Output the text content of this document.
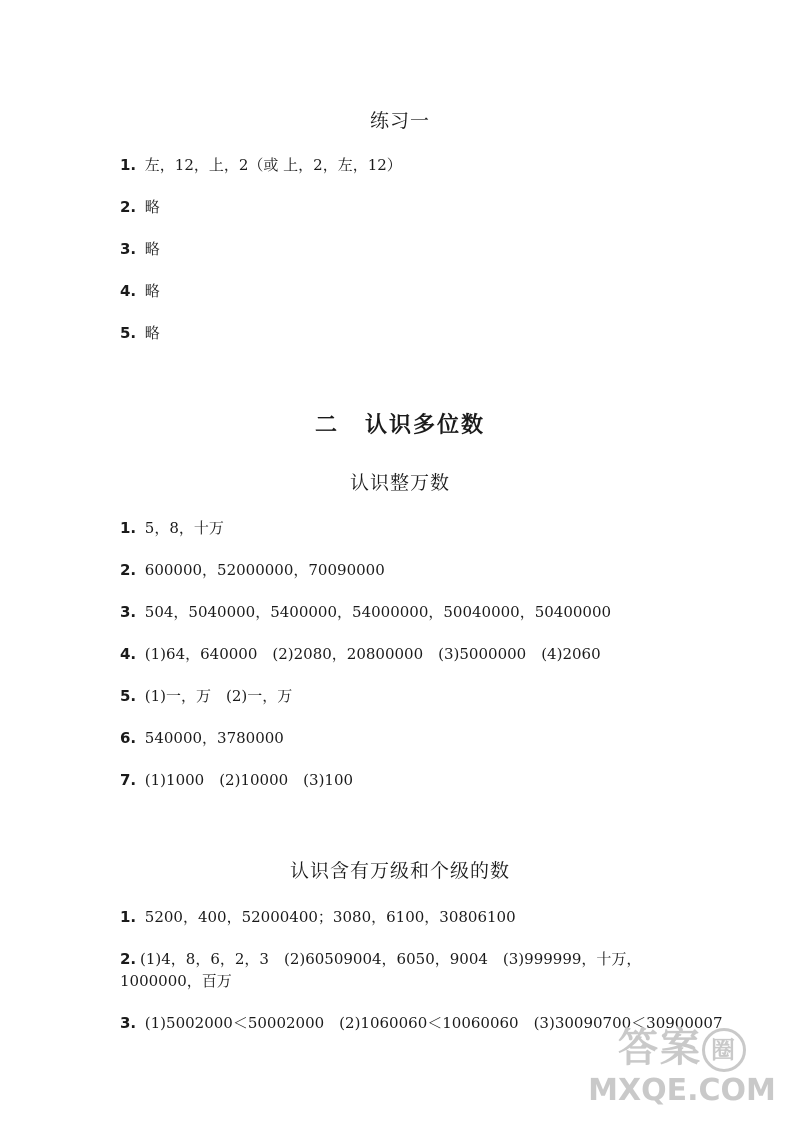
练习一
1. 左，12，上，2（或 上，2，左，12）
2. 略
3. 略
4. 略
5. 略
二 认识多位数
认识整万数
1. 5，8，十万
2. 600000，52000000，70090000
3. 504，5040000，5400000，54000000，50040000，50400000
4. (1)64，640000　(2)2080，20800000　(3)5000000　(4)2060
5. (1)一，万　(2)一，万
6. 540000，3780000
7. (1)1000　(2)10000　(3)100
认识含有万级和个级的数
1. 5200，400，52000400；3080，6100，30806100
2. (1)4，8，6，2，3　(2)60509004，6050，9004　(3)999999，十万，1000000，百万
3. (1)5002000＜50002000　(2)1060060＜10060060　(3)30090700＜30900007
答案 圈
MXQE.COM
